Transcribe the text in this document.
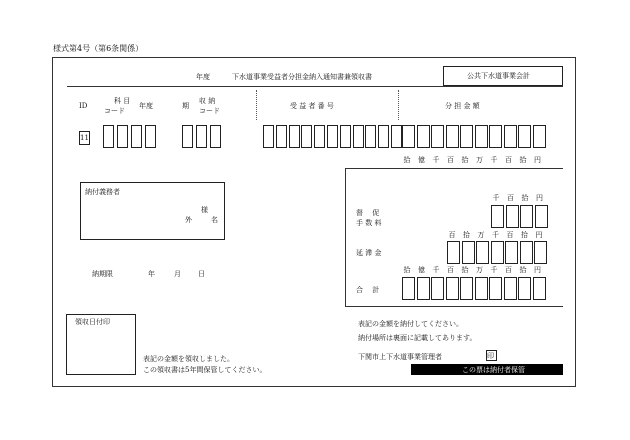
様式第4号（第6条関係）
年度	下水道事業受益者分担金納入通知書兼領収書	公共下水道事業会計
ID
科 目
コード
年度	期
収 納
コード
受 益 者 番 号	分 担 金 額
11
拾	億	千	百	拾	万	千	百	拾	円
納付義務者
様
外	名
納期限	年	月 日
督　 促
手 数 料
延 滞 金
合 　計
千	百	拾	円
百	拾	万	千	百	拾	円
拾	億	千	百	拾	万	千	百	拾	円
領収日付印
表記の金額を領収しました。
この領収書は5年間保管してください。
表記の金額を納付してください。
納付場所は裏面に記載してあります。
下関市上下水道事業管理者	印
この票は納付者保管
